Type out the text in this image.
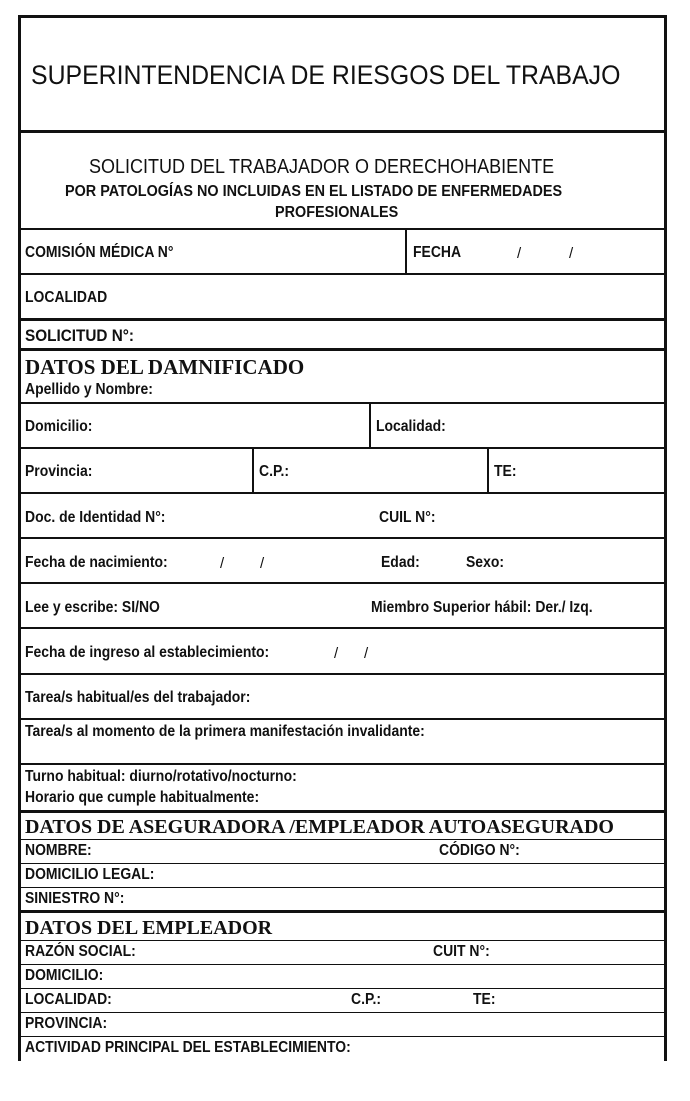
SUPERINTENDENCIA DE RIESGOS DEL TRABAJO
SOLICITUD DEL TRABAJADOR O DERECHOHABIENTE
POR PATOLOGÍAS NO INCLUIDAS EN EL LISTADO DE ENFERMEDADES
PROFESIONALES
COMISIÓN MÉDICA N°	FECHA	/	/
LOCALIDAD
SOLICITUD N°:
DATOS DEL DAMNIFICADO
Apellido y Nombre:
Domicilio:	Localidad:
Provincia:	C.P.:	TE:
Doc. de Identidad N°:	CUIL N°:
Fecha de nacimiento:	/ /	Edad:	Sexo:
Lee y escribe: SI/NO	Miembro Superior hábil: Der./ Izq.
Fecha de ingreso al establecimiento:	/ /
Tarea/s habitual/es del trabajador:
Tarea/s al momento de la primera manifestación invalidante:
Turno habitual: diurno/rotativo/nocturno:
Horario que cumple habitualmente:
DATOS DE ASEGURADORA /EMPLEADOR AUTOASEGURADO
NOMBRE:	CÓDIGO N°:
DOMICILIO LEGAL:
SINIESTRO N°:
DATOS DEL EMPLEADOR
RAZÓN SOCIAL:	CUIT N°:
DOMICILIO:
LOCALIDAD:	C.P.:	TE:
PROVINCIA:
ACTIVIDAD PRINCIPAL DEL ESTABLECIMIENTO:
